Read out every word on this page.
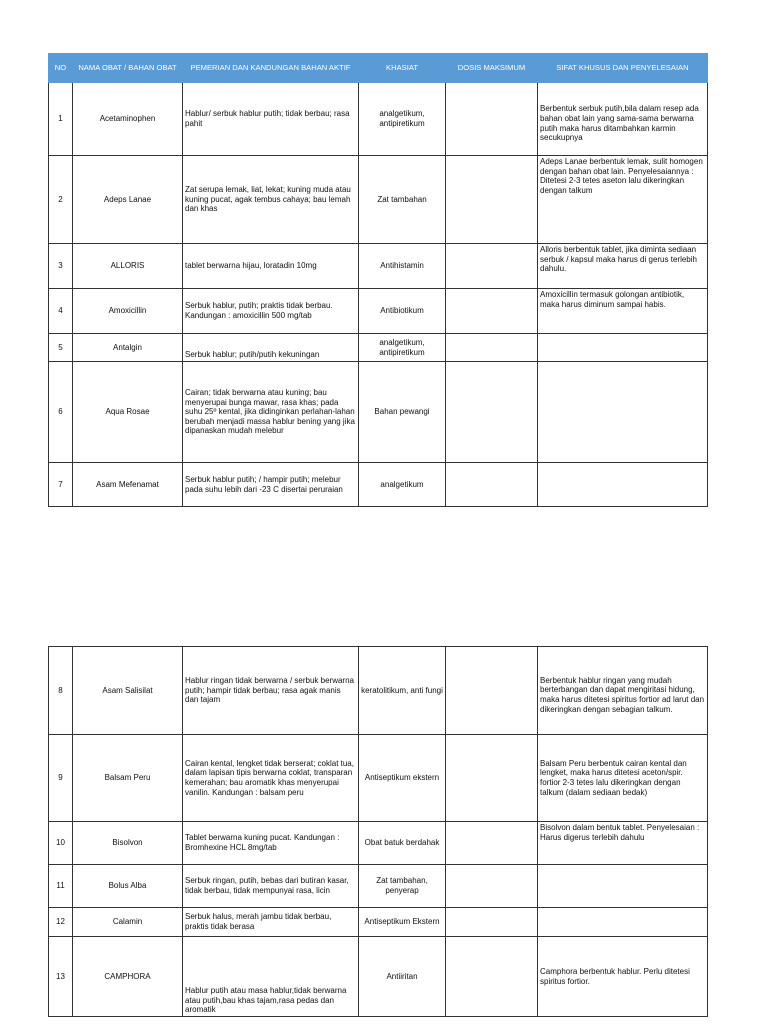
NO	NAMA OBAT / BAHAN OBAT	PEMERIAN DAN KANDUNGAN BAHAN AKTIF	KHASIAT	DOSIS MAKSIMUM	SIFAT KHUSUS DAN PENYELESAIAN
1	Acetaminophen	Hablur/ serbuk hablur putih; tidak berbau; rasa pahit	analgetikum, antipiretikum		Berbentuk serbuk putih,bila dalam resep ada bahan obat lain yang sama-sama berwarna putih maka harus ditambahkan karmin secukupnya
2	Adeps Lanae	Zat serupa lemak, liat, lekat; kuning muda atau kuning pucat, agak tembus cahaya; bau lemah dan khas	Zat tambahan		Adeps Lanae berbentuk lemak, sulit homogen dengan bahan obat lain. Penyelesaiannya : Ditetesi 2-3 tetes aseton lalu dikeringkan dengan talkum
3	ALLORIS	tablet berwarna hijau, loratadin 10mg	Antihistamin		Alloris berbentuk tablet, jika diminta sediaan serbuk / kapsul maka harus di gerus terlebih dahulu.
4	Amoxicillin	Serbuk hablur, putih; praktis tidak berbau. Kandungan : amoxicillin 500 mg/tab	Antibiotikum		Amoxicillin termasuk golongan antibiotik, maka harus diminum sampai habis.
5	Antalgin	Serbuk hablur; putih/putih kekuningan	analgetikum, antipiretikum		
6	Aqua Rosae	Cairan; tidak berwarna atau kuning; bau menyerupai bunga mawar, rasa khas; pada suhu 25º kental, jika didinginkan perlahan-lahan berubah menjadi massa hablur bening yang jika dipanaskan mudah melebur	Bahan pewangi		
7	Asam Mefenamat	Serbuk hablur putih; / hampir putih; melebur pada suhu lebih dari -23 C disertai peruraian	analgetikum		
8	Asam Salisilat	Hablur ringan tidak berwarna / serbuk berwarna putih; hampir tidak berbau; rasa agak manis dan tajam	keratolitikum, anti fungi		Berbentuk hablur ringan yang mudah berterbangan dan dapat mengiritasi hidung, maka harus ditetesi spiritus fortior ad larut dan dikeringkan dengan sebagian talkum.
9	Balsam Peru	Cairan kental, lengket tidak berserat; coklat tua, dalam lapisan tipis berwarna coklat, transparan kemerahan; bau aromatik khas menyerupai vanilin. Kandungan : balsam peru	Antiseptikum ekstern		Balsam Peru berbentuk cairan kental dan lengket, maka harus ditetesi aceton/spir. fortior 2-3 tetes lalu dikeringkan dengan talkum (dalam sediaan bedak)
10	Bisolvon	Tablet berwarna kuning pucat. Kandungan : Bromhexine HCL 8mg/tab	Obat batuk berdahak		Bisolvon dalam bentuk tablet. Penyelesaian : Harus digerus terlebih dahulu
11	Bolus Alba	Serbuk ringan, putih, bebas dari butiran kasar, tidak berbau, tidak mempunyai rasa, licin	Zat tambahan, penyerap		
12	Calamin	Serbuk halus, merah jambu tidak berbau, praktis tidak berasa	Antiseptikum Ekstern		
13	CAMPHORA	Hablur putih atau masa hablur,tidak berwarna atau putih,bau khas tajam,rasa pedas dan aromatik	Antiiritan		Camphora berbentuk hablur. Perlu ditetesi spiritus fortior.
